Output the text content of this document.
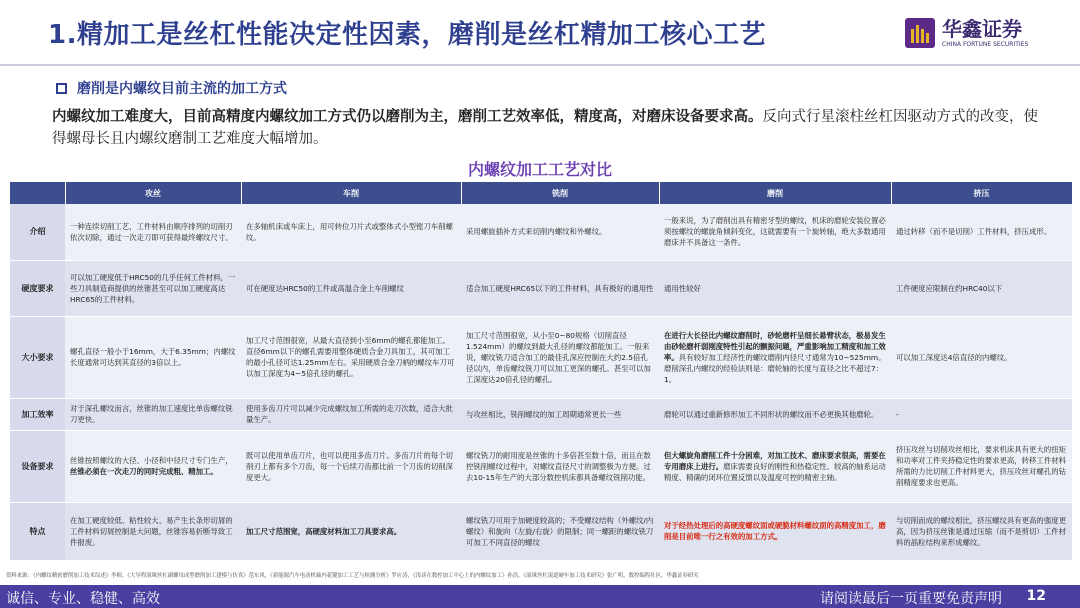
1.精加工是丝杠性能决定性因素，磨削是丝杠精加工核心工艺	华鑫证券
CHINA FORTUNE SECURITIES
磨削是内螺纹目前主流的加工方式
内螺纹加工难度大，目前高精度内螺纹加工方式仍以磨削为主，磨削工艺效率低，精度高，对磨床设备要求高。反向式行星滚柱丝杠因驱动方式的改变，使得螺母长且内螺纹磨制工艺难度大幅增加。
内螺纹加工工艺对比
	攻丝	车削	铣削	磨削	挤压
介绍	一种连续切削工艺，工件材料由顺序排列的切削刃依次切除，通过一次走刀即可获得最终螺纹尺寸。	在多轴机床或车床上，用可转位刀片式或整体式小型镗刀车削螺纹。	采用螺旋插补方式来切削内螺纹和外螺纹。	一般来说，为了磨削出具有精密牙型的螺纹，机床的磨轮安装位置必须按螺纹的螺旋角倾斜变化，这就需要有一个旋转轴，绝大多数通用磨床并不具备这一条件。	通过转移（而不是切削）工件材料，挤压成形。
硬度要求	可以加工硬度低于HRC50的几乎任何工件材料，一些刀具制造商提供的丝锥甚至可以加工硬度高达HRC65的工件材料。	可在硬度达HRC50的工件或高温合金上车削螺纹	适合加工硬度HRC65以下的工件材料，具有极好的通用性	通用性较好	工件硬度应限制在约HRC40以下
大小要求	螺孔直径一般小于16mm，大于6.35mm；内螺纹长度通常可达到其直径的3倍以上。	加工尺寸范围很宽，从最大直径到小至6mm的螺孔都能加工。直径6mm以下的螺孔需要用整体硬质合金刀具加工，其可加工的最小孔径可达1.25mm左右。采用硬质合金刀柄的螺纹车刀可以加工深度为4~5倍孔径的螺孔。	加工尺寸范围很宽，从小至0~80规格（切削直径1.524mm）的螺纹到最大孔径的螺纹都能加工。一般来说，螺纹铣刀适合加工的最佳孔深应控制在大约2.5倍孔径以内，单齿螺纹铣刀可以加工更深的螺孔。甚至可以加工深度达20倍孔径的螺孔。	在进行大长径比内螺纹磨削时，砂轮磨杆呈细长悬臂状态，极易发生由砂轮磨杆弱刚度特性引起的颤振问题，严重影响加工精度和加工效率。具有较好加工经济性的螺纹磨削内径尺寸通常为10~525mm。磨削深孔内螺纹的经验法则是：磨轮轴的长度与直径之比不超过7：1。	可以加工深度达4倍直径的内螺纹。
加工效率	对于深孔螺纹而言，丝锥的加工速度比单齿螺纹铣刀更快。	使用多齿刀片可以减少完成螺纹加工所需的走刀次数，适合大批量生产。	与攻丝相比，铣削螺纹的加工周期通常更长一些	磨轮可以通过重新修形加工不同形状的螺纹而不必更换其他磨轮。	-
设备要求	丝锥按照螺纹的大径、小径和中径尺寸专门生产，丝锥必须在一次走刀的同时完成粗、精加工。	既可以使用单齿刀片，也可以使用多齿刀片。多齿刀片的每个切削刃上都有多个刀齿，每一个后续刀齿都比前一个刀齿的切削深度更大。	螺纹铣刀的耐用度是丝锥的十多倍甚至数十倍，而且在数控铣削螺纹过程中，对螺纹直径尺寸的调整极为方便。过去10-15年生产的大部分数控机床都具备螺纹铣削功能。	但大螺旋角磨削工件十分困难，对加工技术、磨床要求很高，需要在专用磨床上进行。磨床需要良好的刚性和热稳定性、较高的轴系运动精度、精确的闭环位置反馈以及温度可控的精密主轴。	挤压攻丝与切削攻丝相比，要求机床具有更大的扭矩和功率对工件夹持稳定性的要求更高，转移工件材料所需的力比切削工件材料更大，挤压攻丝对螺孔的钻削精度要求也更高。
特点	在加工硬度较低、粘性较大、易产生长条形切屑的工件材料切屑控制是大问题，丝锥容易折断导致工件报废。	加工尺寸范围宽，高硬度材料加工刀具要求高。	螺纹铣刀可用于加硬度较高的；不受螺纹结构（外螺纹/内螺纹）和旋向（左旋/右旋）的限制；同一螺距的螺纹铣刀可加工不同直径的螺纹	对于经热处理后的高硬度螺纹面或硬脆材料螺纹面的高精度加工，磨削是目前唯一行之有效的加工方式。	与切削而成的螺纹相比，挤压螺纹具有更高的强度更高，因为挤压丝锥是通过压缩（而不是剪切）工件材料的晶粒结构来形成螺纹。
资料来源：《内螺纹精密磨削加工技术综述》李师，《大导程滚珠丝杠副螺母成型磨削加工建模与仿真》范东风，《新能源汽车电动机轴内花键加工工艺与检测分析》罗应涛，《浅谈在数控加工中心上的内螺纹加工》孙浩，《滚珠丝杠滚道硬车加工技术研究》张广明，数控编程社区，华鑫证券研究
诚信、专业、稳健、高效	请阅读最后一页重要免责声明 12
